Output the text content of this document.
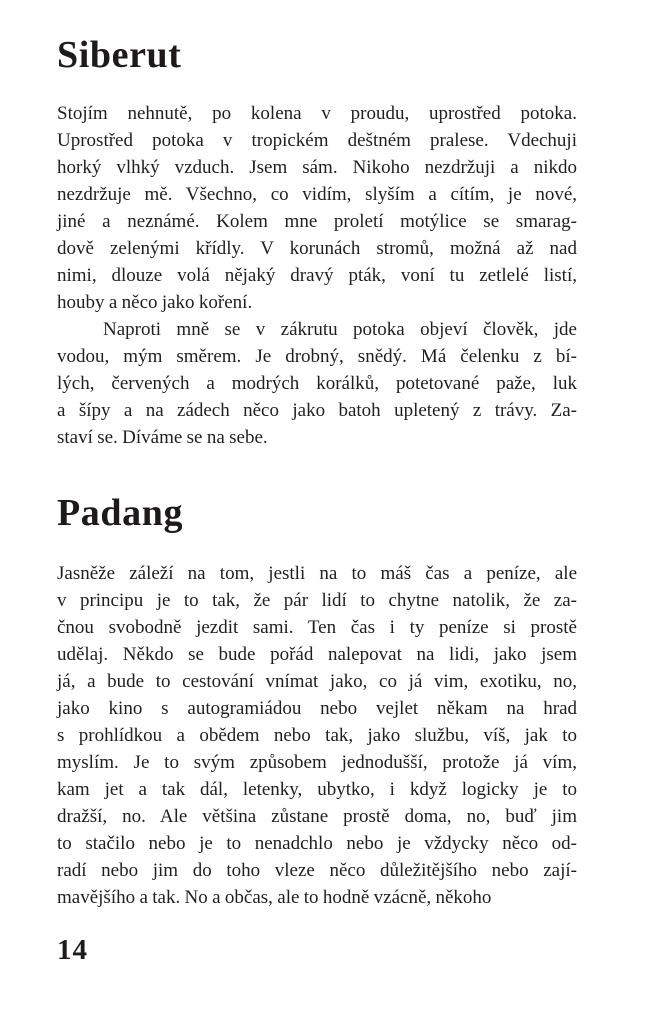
Siberut
Stojím nehnutě, po kolena v proudu, uprostřed potoka.
Uprostřed potoka v tropickém deštném pralese. Vdechuji
horký vlhký vzduch. Jsem sám. Nikoho nezdržuji a nikdo
nezdržuje mě. Všechno, co vidím, slyším a cítím, je nové,
jiné a neznámé. Kolem mne proletí motýlice se smarag-
dově zelenými křídly. V korunách stromů, možná až nad
nimi, dlouze volá nějaký dravý pták, voní tu zetlelé listí,
houby a něco jako koření.
Naproti mně se v zákrutu potoka objeví člověk, jde
vodou, mým směrem. Je drobný, snědý. Má čelenku z bí-
lých, červených a modrých korálků, potetované paže, luk
a šípy a na zádech něco jako batoh upletený z trávy. Za-
staví se. Díváme se na sebe.
Padang
Jasněže záleží na tom, jestli na to máš čas a peníze, ale
v principu je to tak, že pár lidí to chytne natolik, že za-
čnou svobodně jezdit sami. Ten čas i ty peníze si prostě
udělaj. Někdo se bude pořád nalepovat na lidi, jako jsem
já, a bude to cestování vnímat jako, co já vim, exotiku, no,
jako kino s autogramiádou nebo vejlet někam na hrad
s prohlídkou a obědem nebo tak, jako službu, víš, jak to
myslím. Je to svým způsobem jednodušší, protože já vím,
kam jet a tak dál, letenky, ubytko, i když logicky je to
dražší, no. Ale většina zůstane prostě doma, no, buď jim
to stačilo nebo je to nenadchlo nebo je vždycky něco od-
radí nebo jim do toho vleze něco důležitějšího nebo zají-
mavějšího a tak. No a občas, ale to hodně vzácně, někoho
14
